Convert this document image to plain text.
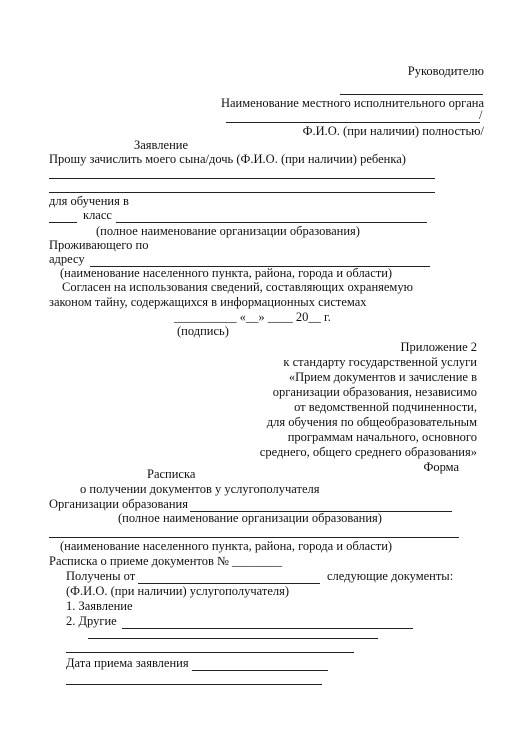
Руководителю
Наименование местного исполнительного органа
/
Ф.И.О. (при наличии) полностью/
Заявление
Прошу зачислить моего сына/дочь (Ф.И.О. (при наличии) ребенка)
для обучения в
класс
(полное наименование организации образования)
Проживающего по
адресу
(наименование населенного пункта, района, города и области)
Согласен на использования сведений, составляющих охраняемую
законом тайну, содержащихся в информационных системах
__________ «__» ____ 20__ г.
(подпись)
Приложение 2
к стандарту государственной услуги
«Прием документов и зачисление в
организации образования, независимо
от ведомственной подчиненности,
для обучения по общеобразовательным
программам начального, основного
среднего, общего среднего образования»
Форма
Расписка
о получении документов у услугополучателя
Организации образования
(полное наименование организации образования)
(наименование населенного пункта, района, города и области)
Расписка о приеме документов № ________
Получены от	следующие документы:
(Ф.И.О. (при наличии) услугополучателя)
1. Заявление
2. Другие
Дата приема заявления
